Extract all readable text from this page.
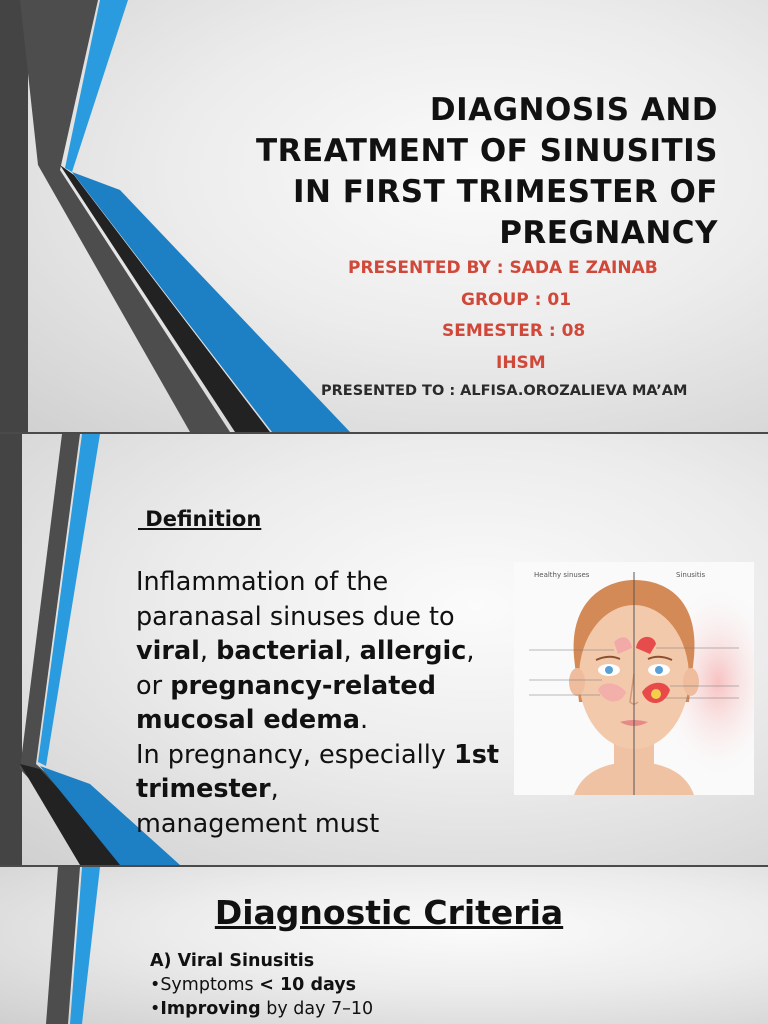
DIAGNOSIS AND
TREATMENT OF SINUSITIS
IN FIRST TRIMESTER OF
PREGNANCY
PRESENTED BY : SADA E ZAINAB
GROUP : 01
SEMESTER : 08
IHSM
PRESENTED TO : ALFISA.OROZALIEVA MA’AM
Definition
Inflammation of the paranasal sinuses due to viral, bacterial, allergic, or pregnancy-related mucosal edema.
In pregnancy, especially 1st trimester,
management must
Healthy sinuses	Sinusitis
Diagnostic Criteria
A) Viral Sinusitis
•Symptoms < 10 days
•Improving by day 7–10
